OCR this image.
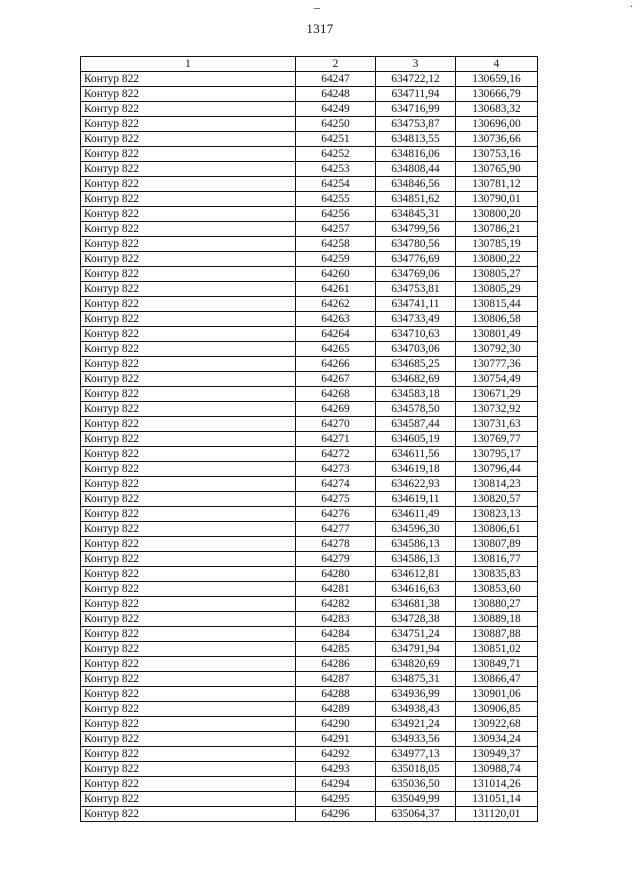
–	·
1317
1	2	3	4
Контур 822	64247	634722,12	130659,16
Контур 822	64248	634711,94	130666,79
Контур 822	64249	634716,99	130683,32
Контур 822	64250	634753,87	130696,00
Контур 822	64251	634813,55	130736,66
Контур 822	64252	634816,06	130753,16
Контур 822	64253	634808,44	130765,90
Контур 822	64254	634846,56	130781,12
Контур 822	64255	634851,62	130790,01
Контур 822	64256	634845,31	130800,20
Контур 822	64257	634799,56	130786,21
Контур 822	64258	634780,56	130785,19
Контур 822	64259	634776,69	130800,22
Контур 822	64260	634769,06	130805,27
Контур 822	64261	634753,81	130805,29
Контур 822	64262	634741,11	130815,44
Контур 822	64263	634733,49	130806,58
Контур 822	64264	634710,63	130801,49
Контур 822	64265	634703,06	130792,30
Контур 822	64266	634685,25	130777,36
Контур 822	64267	634682,69	130754,49
Контур 822	64268	634583,18	130671,29
Контур 822	64269	634578,50	130732,92
Контур 822	64270	634587,44	130731,63
Контур 822	64271	634605,19	130769,77
Контур 822	64272	634611,56	130795,17
Контур 822	64273	634619,18	130796,44
Контур 822	64274	634622,93	130814,23
Контур 822	64275	634619,11	130820,57
Контур 822	64276	634611,49	130823,13
Контур 822	64277	634596,30	130806,61
Контур 822	64278	634586,13	130807,89
Контур 822	64279	634586,13	130816,77
Контур 822	64280	634612,81	130835,83
Контур 822	64281	634616,63	130853,60
Контур 822	64282	634681,38	130880,27
Контур 822	64283	634728,38	130889,18
Контур 822	64284	634751,24	130887,88
Контур 822	64285	634791,94	130851,02
Контур 822	64286	634820,69	130849,71
Контур 822	64287	634875,31	130866,47
Контур 822	64288	634936,99	130901,06
Контур 822	64289	634938,43	130906,85
Контур 822	64290	634921,24	130922,68
Контур 822	64291	634933,56	130934,24
Контур 822	64292	634977,13	130949,37
Контур 822	64293	635018,05	130988,74
Контур 822	64294	635036,50	131014,26
Контур 822	64295	635049,99	131051,14
Контур 822	64296	635064,37	131120,01
